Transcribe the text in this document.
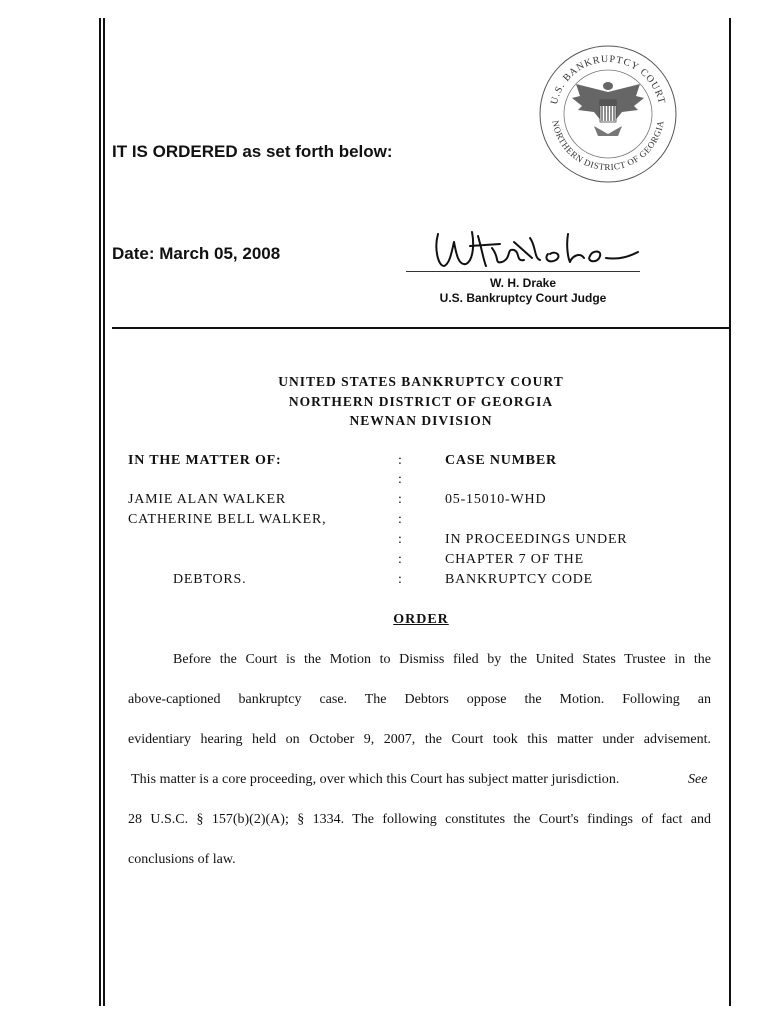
U.S. BANKRUPTCY COURT
NORTHERN DISTRICT OF GEORGIA
IT IS ORDERED as set forth below:
Date: March 05, 2008
W. H. Drake
U.S. Bankruptcy Court Judge
UNITED STATES BANKRUPTCY COURT
NORTHERN DISTRICT OF GEORGIA
NEWNAN DIVISION
IN THE MATTER OF:
JAMIE ALAN WALKER
CATHERINE BELL WALKER,
DEBTORS.
:
:
:
:
:
:
:
CASE NUMBER
05-15010-WHD
IN PROCEEDINGS UNDER
CHAPTER 7 OF THE
BANKRUPTCY CODE
ORDER
Before the Court is the Motion to Dismiss filed by the United States Trustee in the
above-captioned bankruptcy case. The Debtors oppose the Motion. Following an
evidentiary hearing held on October 9, 2007, the Court took this matter under advisement.
This matter is a core proceeding, over which this Court has subject matter jurisdiction.	See
28 U.S.C. § 157(b)(2)(A); § 1334. The following constitutes the Court's findings of fact and
conclusions of law.
